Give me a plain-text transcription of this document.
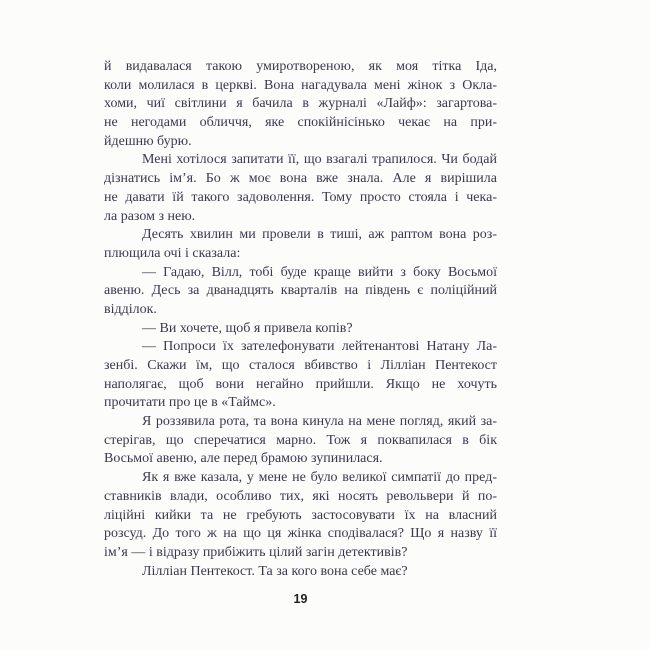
й видавалася такою умиротвореною, як моя тітка Іда,
коли молилася в церкві. Вона нагадувала мені жінок з Окла-
хоми, чиї світлини я бачила в журналі «Лайф»: загартова-
не негодами обличчя, яке спокійнісінько чекає на при-
йдешню бурю.
Мені хотілося запитати її, що взагалі трапилося. Чи бодай
дізнатись ім’я. Бо ж моє вона вже знала. Але я вирішила
не давати їй такого задоволення. Тому просто стояла і чека-
ла разом з нею.
Десять хвилин ми провели в тиші, аж раптом вона роз-
плющила очі і сказала:
— Гадаю, Вілл, тобі буде краще вийти з боку Восьмої
авеню. Десь за дванадцять кварталів на південь є поліційний
відділок.
— Ви хочете, щоб я привела копів?
— Попроси їх зателефонувати лейтенантові Натану Ла-
зенбі. Скажи їм, що сталося вбивство і Лілліан Пентекост
наполягає, щоб вони негайно прийшли. Якщо не хочуть
прочитати про це в «Таймс».
Я роззявила рота, та вона кинула на мене погляд, який за-
стерігав, що сперечатися марно. Тож я поквапилася в бік
Восьмої авеню, але перед брамою зупинилася.
Як я вже казала, у мене не було великої симпатії до пред-
ставників влади, особливо тих, які носять револьвери й по-
ліційні кийки та не гребують застосовувати їх на власний
розсуд. До того ж на що ця жінка сподівалася? Що я назву її
ім’я — і відразу прибіжить цілий загін детективів?
Лілліан Пентекост. Та за кого вона себе має?
19
